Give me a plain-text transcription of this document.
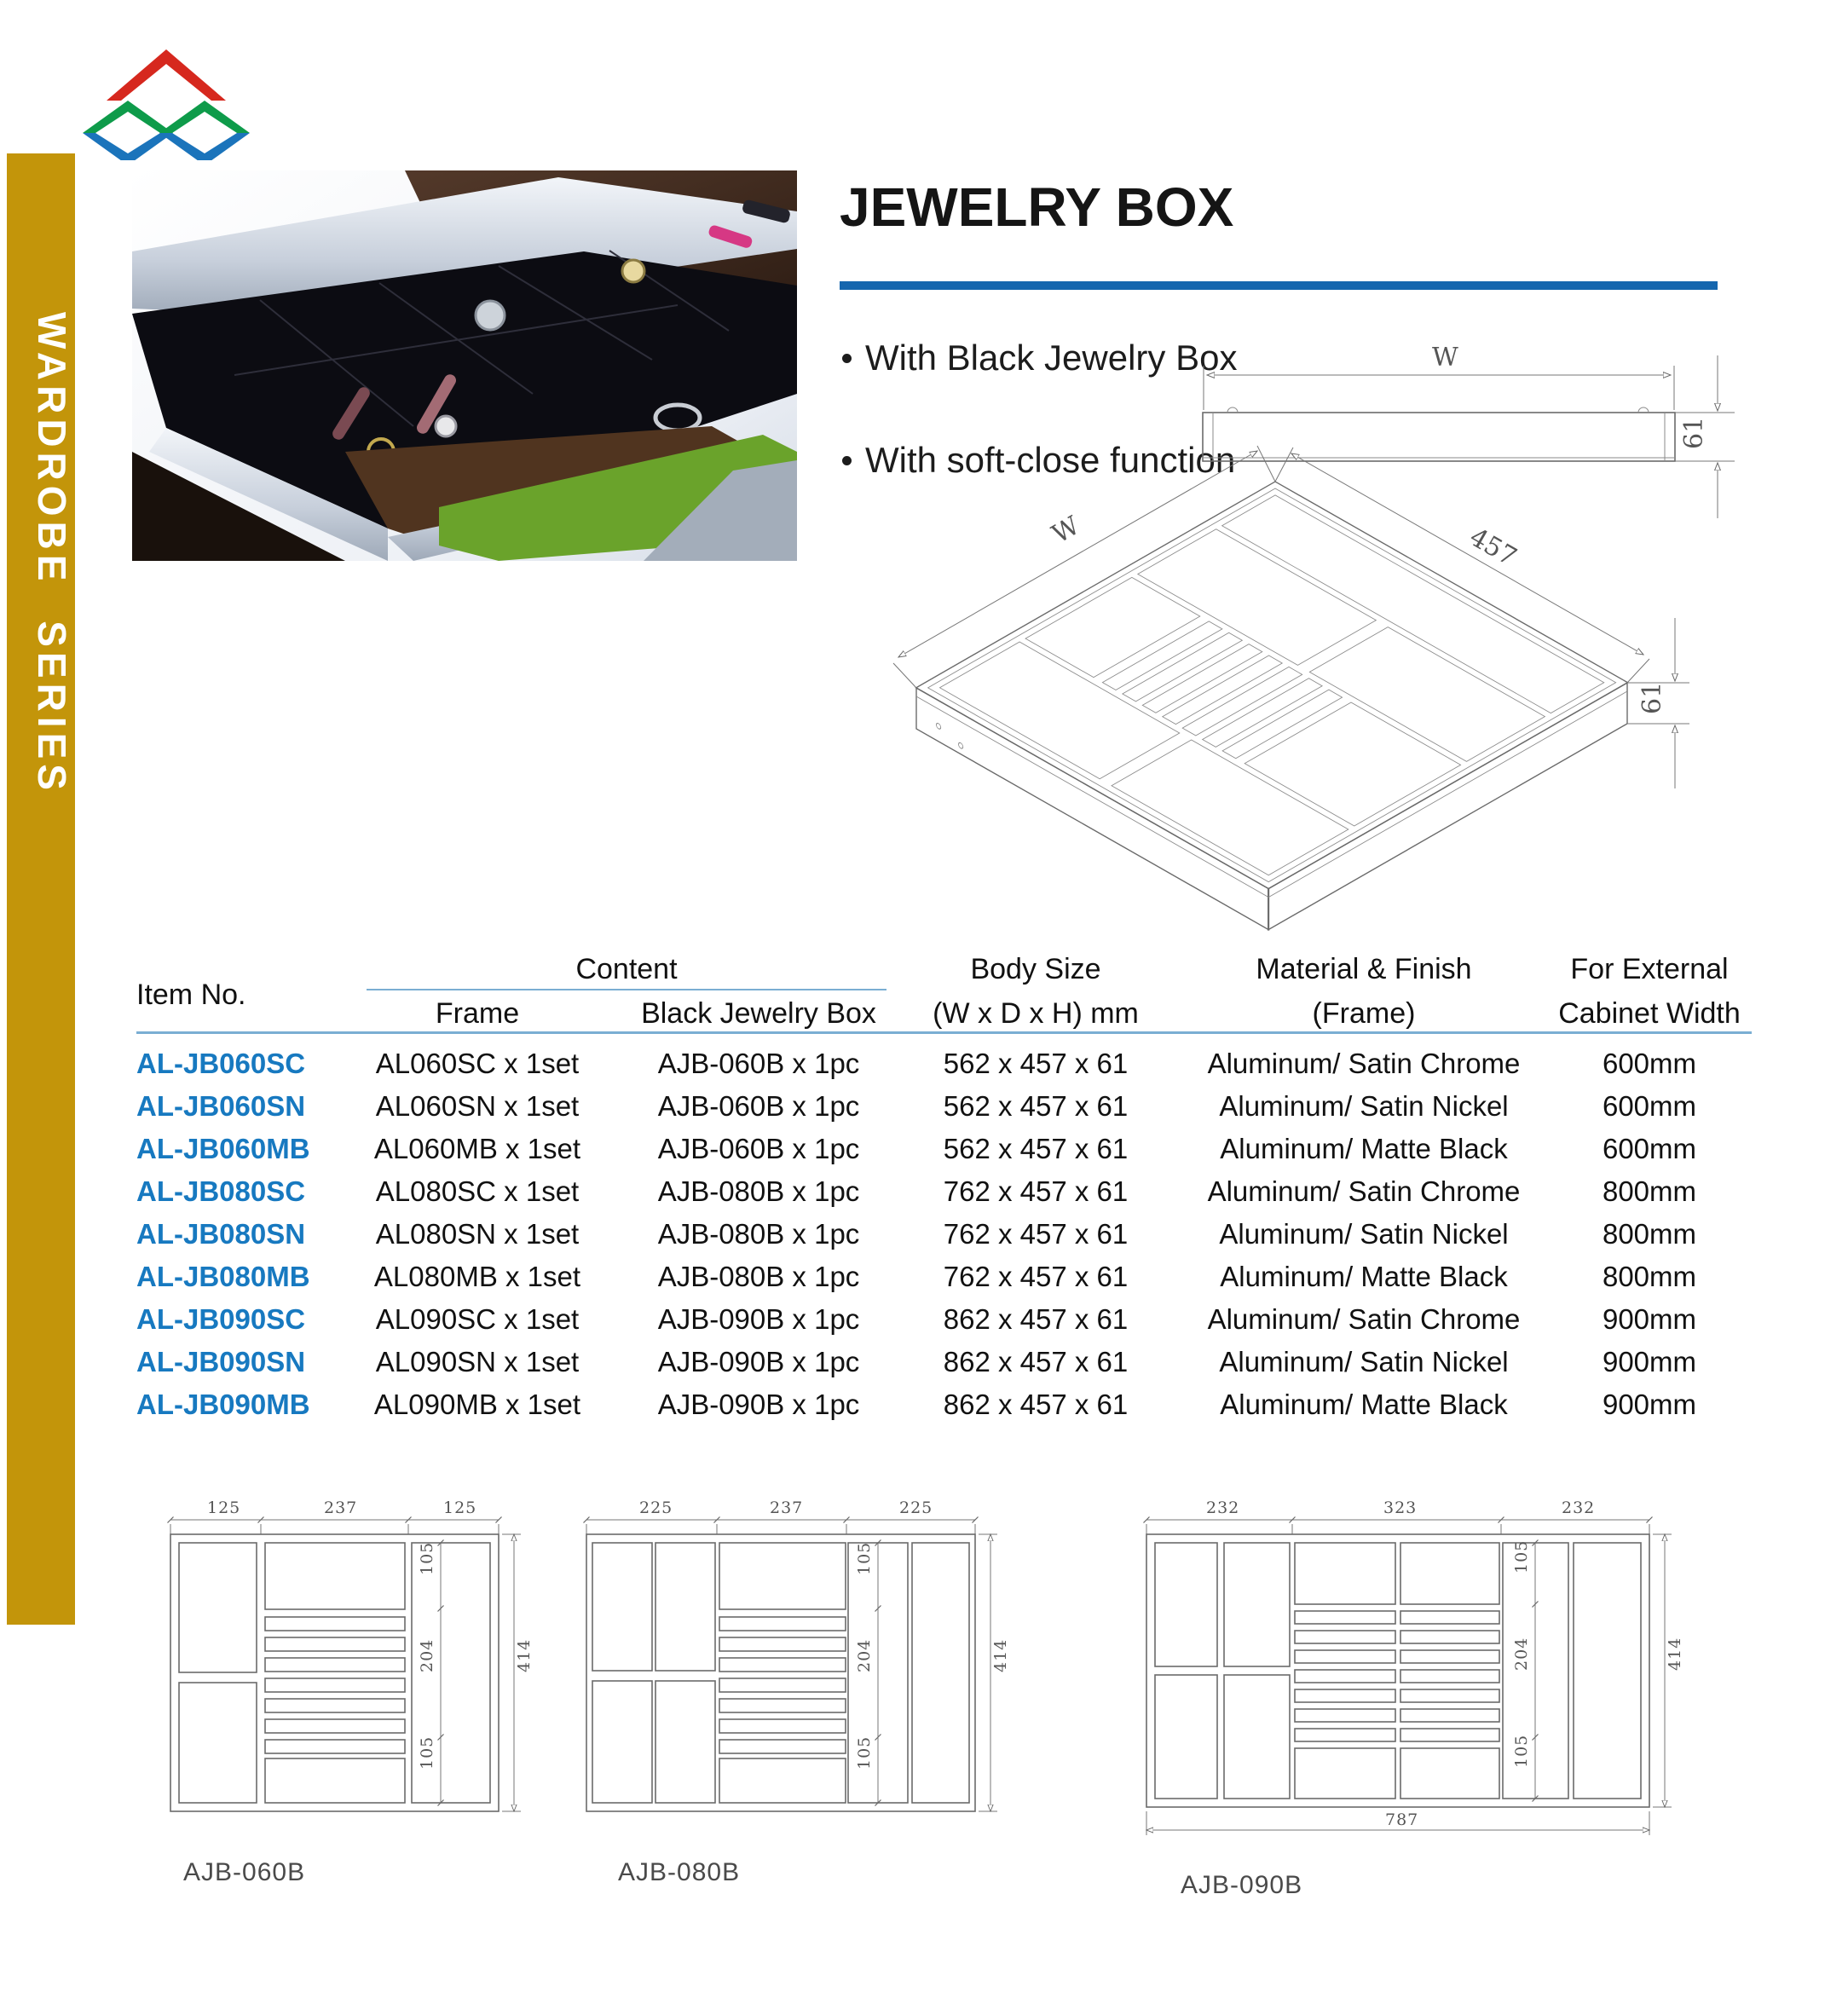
WARDROBE SERIES
JEWELRY BOX
With Black Jewelry Box
With soft-close function
W
61
W	457
61
Item No.
Content
Frame	Black Jewelry Box
Body Size
(W x D x H) mm
Material & Finish
(Frame)
For External
Cabinet Width
AL-JB060SC	AL060SC x 1set	AJB-060B x 1pc	562 x 457 x 61	Aluminum/ Satin Chrome	600mm
AL-JB060SN	AL060SN x 1set	AJB-060B x 1pc	562 x 457 x 61	Aluminum/ Satin Nickel	600mm
AL-JB060MB	AL060MB x 1set	AJB-060B x 1pc	562 x 457 x 61	Aluminum/ Matte Black	600mm
AL-JB080SC	AL080SC x 1set	AJB-080B x 1pc	762 x 457 x 61	Aluminum/ Satin Chrome	800mm
AL-JB080SN	AL080SN x 1set	AJB-080B x 1pc	762 x 457 x 61	Aluminum/ Satin Nickel	800mm
AL-JB080MB	AL080MB x 1set	AJB-080B x 1pc	762 x 457 x 61	Aluminum/ Matte Black	800mm
AL-JB090SC	AL090SC x 1set	AJB-090B x 1pc	862 x 457 x 61	Aluminum/ Satin Chrome	900mm
AL-JB090SN	AL090SN x 1set	AJB-090B x 1pc	862 x 457 x 61	Aluminum/ Satin Nickel	900mm
AL-JB090MB	AL090MB x 1set	AJB-090B x 1pc	862 x 457 x 61	Aluminum/ Matte Black	900mm
125	237	125
105
204
105
414
AJB-060B
225	237	225
105
204
105
414
AJB-080B
232	323	232
105
204
105
414
787
AJB-090B
